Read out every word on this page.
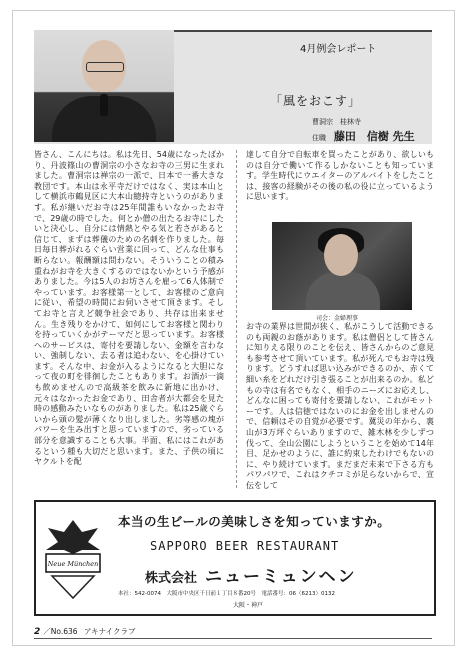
藤田信樹先生
4月例会レポート
「風をおこす」
曹洞宗　桂林寺
住職 藤田　信樹 先生
皆さん、こんにちは。私は先日、54歳になったばかり、丹波篠山の曹洞宗の小さなお寺の三男に生まれました。曹洞宗は禅宗の一派で、日本で一番大きな教団です。本山は永平寺だけではなく、実は本山として横浜市鶴見区に大本山總持寺というのがあります。私が継いだお寺は25年間誰もいなかったお寺で、29歳の時でした。何とか僧の出たるお寺にしたいと決心し、自分には情熱とやる気と若さがあると信じて、まずは葬儀のための名刺を作りました。毎日毎日葬がれるぐらい営業に回って、どんな仕事も断らない。報酬額は問わない。そういうことの積み重ねがお寺を大きくするのではないかという予感がありました。今は5人のお坊さんを雇って6人体制でやっています。お客様第一として、お客様のご意向に従い、希望の時間にお伺いさせて頂きます。そしてお寺と言えど競争社会であり、共存は出来ません。生き残りをかけて、如何にしてお客様と関わりを持っていくかがテーマだと思っています。お客様へのサービスは、寄付を要請しない、金額を言わない、強制しない、去る者は追わない、を心掛けています。そんな中、お金が入るようになると大胆になって夜の町を徘徊したこともあります。お酒が一滴も飲めませんので高級茶を飲みに新地に出かけ、元々はなかったお金であり、田舎者が大都会を見た時の感動みたいなものがありました。私は25歳ぐらいから頭の髪が薄くなり出しました。劣等感の塊がパワーを生み出すと思っていますので、劣っている部分を意識することも大事。半面、私にはこれがあるという種も大切だと思います。また、子供の頃にヤクルトを配
達して自分で自転車を買ったことがあり、欲しいものは自分で働いて作るしかないことも知っています。学生時代にウエイターのアルバイトをしたことは、接客の経験がその後の私の役に立っているように思います。
司会：金婦理事
お寺の業界は世間が狭く、私がこうして活動できるのも両親のお蔭があります。私は僧侶として皆さんに知りえる限りのことを伝え、皆さんからのご意見も参考させて頂いています。私が死んでもお寺は残ります。どうすれば思い込みができるのか、赤くて細い糸をどれだけ引き張ることが出来るのか。私どもの寺は有名でもなく、相手のニーズにお応えし、どんなに困っても寄付を要請しない、これがモットーです。人は信徳ではないのにお金を出しませんので、信頼はその自覚が必要です。冀災の年から、裏山が3万坪ぐらいありますので、雑木林を少しずつ伐って、全山公園にしようということを始めて14年目、足かせのように、誰に約束したわけでもないのに、やり続けています。まだまだ未来で下さる方もパワパワで、これはクチコミが足らないからで、宣伝をして
Neue München
本当の生ビールの美味しさを知っていますか。
SAPPORO BEER RESTAURANT
株式会社 ニューミュンヘン
本社：542-0074　大阪市中央区千日前１丁目８番20号　電話番号：06（6213）0132
大阪・神戸
2 ／No.636 アキナイクラブ
